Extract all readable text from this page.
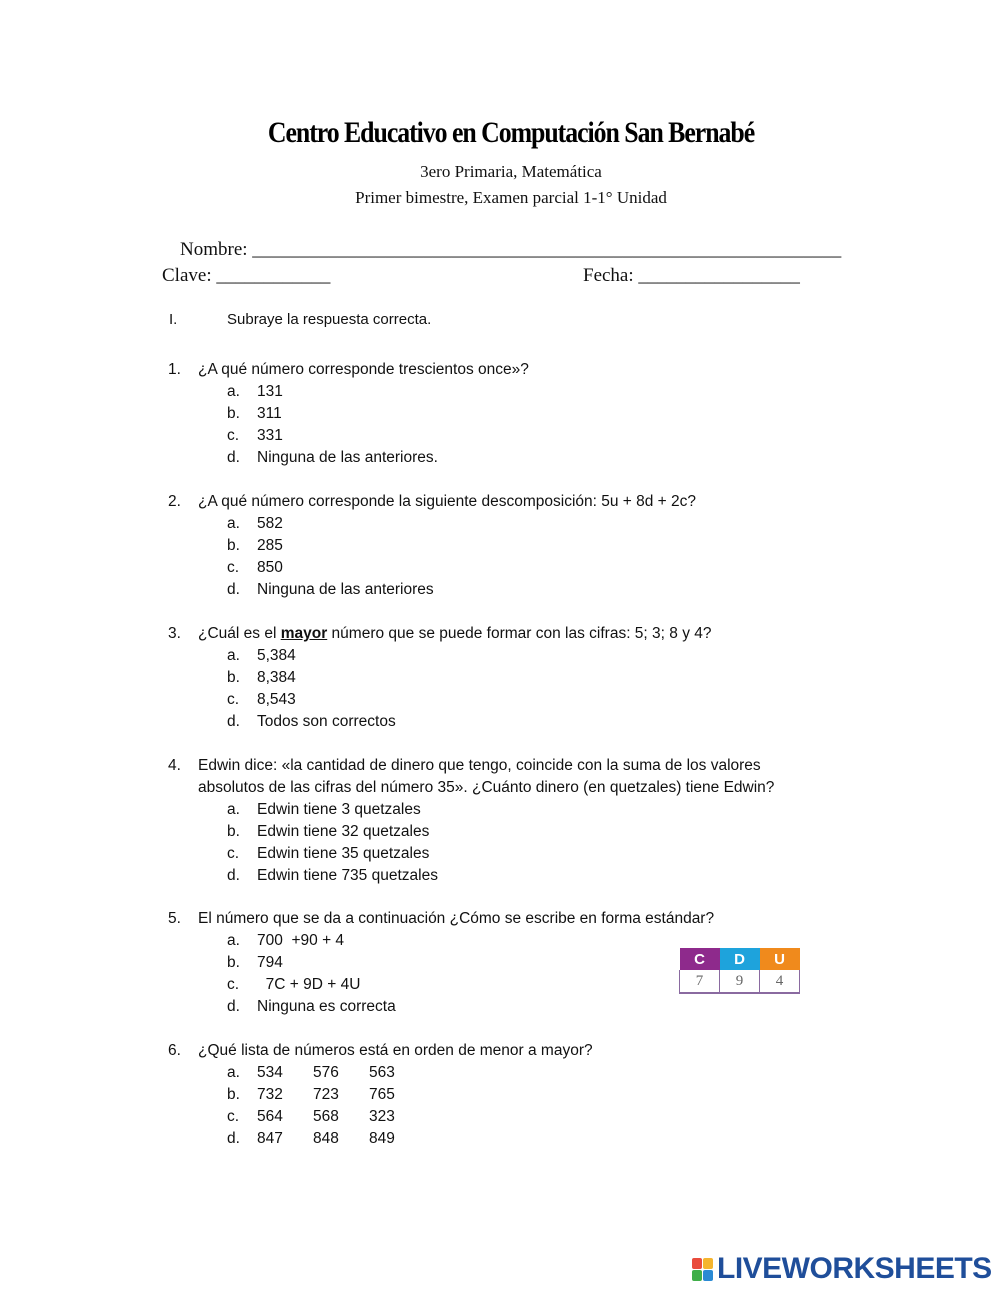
Centro Educativo en Computación San Bernabé
3ero Primaria, Matemática
Primer bimestre, Examen parcial 1-1° Unidad
Nombre: ______________________________________________________________
Clave: ____________	Fecha: _________________
I.	Subraye la respuesta correcta.
1. ¿A qué número corresponde trescientos once»?
a. 131
b. 311
c. 331
d. Ninguna de las anteriores.
2. ¿A qué número corresponde la siguiente descomposición: 5u + 8d + 2c?
a. 582
b. 285
c. 850
d. Ninguna de las anteriores
3. ¿Cuál es el mayor número que se puede formar con las cifras: 5; 3; 8 y 4?
a. 5,384
b. 8,384
c. 8,543
d. Todos son correctos
4. Edwin dice: «la cantidad de dinero que tengo, coincide con la suma de los valores
absolutos de las cifras del número 35». ¿Cuánto dinero (en quetzales) tiene Edwin?
a. Edwin tiene 3 quetzales
b. Edwin tiene 32 quetzales
c. Edwin tiene 35 quetzales
d. Edwin tiene 735 quetzales
5. El número que se da a continuación ¿Cómo se escribe en forma estándar?
a. 700  +90 + 4
b. 794
c. 7C + 9D + 4U
d. Ninguna es correcta
C	D	U
7	9	4
6. ¿Qué lista de números está en orden de menor a mayor?
a. 534       576       563
b. 732       723       765
c. 564       568       323
d. 847       848       849
LIVEWORKSHEETS
